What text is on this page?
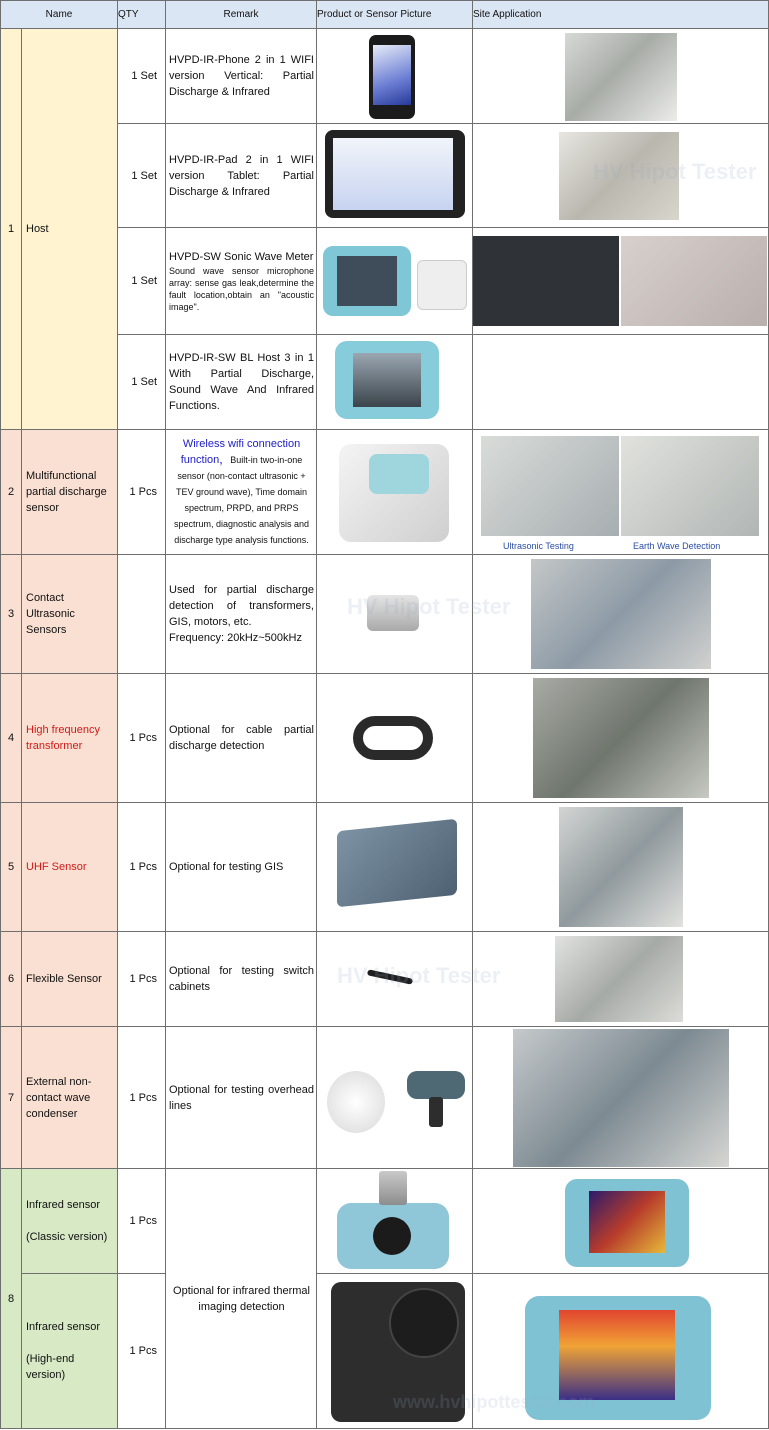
Name		QTY	Remark	Product or Sensor Picture	Site Application
1	Host	1 Set	HVPD-IR-Phone 2 in 1 WIFI version Vertical: Partial Discharge & Infrared	

		1 Set	HVPD-IR-Pad 2 in 1 WIFI version Tablet: Partial Discharge & Infrared		HV Hipot Tester

		1 Set	HVPD-SW Sonic Wave Meter
Sound wave sensor microphone array: sense gas leak,determine the fault location,obtain an "acoustic image".		

		1 Set	HVPD-IR-SW BL Host 3 in 1 With Partial Discharge, Sound Wave And Infrared Functions.	

2	Multifunctional partial discharge sensor	1 Pcs	Wireless wifi connection function，Built-in two-in-one sensor (non-contact ultrasonic + TEV ground wave), Time domain spectrum, PRPD, and PRPS spectrum, diagnostic analysis and discharge type analysis functions.		Ultrasonic Testing Earth Wave Detection

3	Contact Ultrasonic Sensors		Used for partial discharge detection of transformers, GIS, motors, etc.
Frequency: 20kHz~500kHz	HV Hipot Tester	

4	High frequency transformer	1 Pcs	Optional for cable partial discharge detection	

5	UHF Sensor	1 Pcs	Optional for testing GIS	

6	Flexible Sensor	1 Pcs	Optional for testing switch cabinets	HV Hipot Tester	

7	External non-contact wave condenser	1 Pcs	Optional for testing overhead lines	

8	Infrared sensor
(Classic version)	1 Pcs	Optional for infrared thermal imaging detection	

	Infrared sensor
(High-end version)	1 Pcs			www.hvhipottester.com
